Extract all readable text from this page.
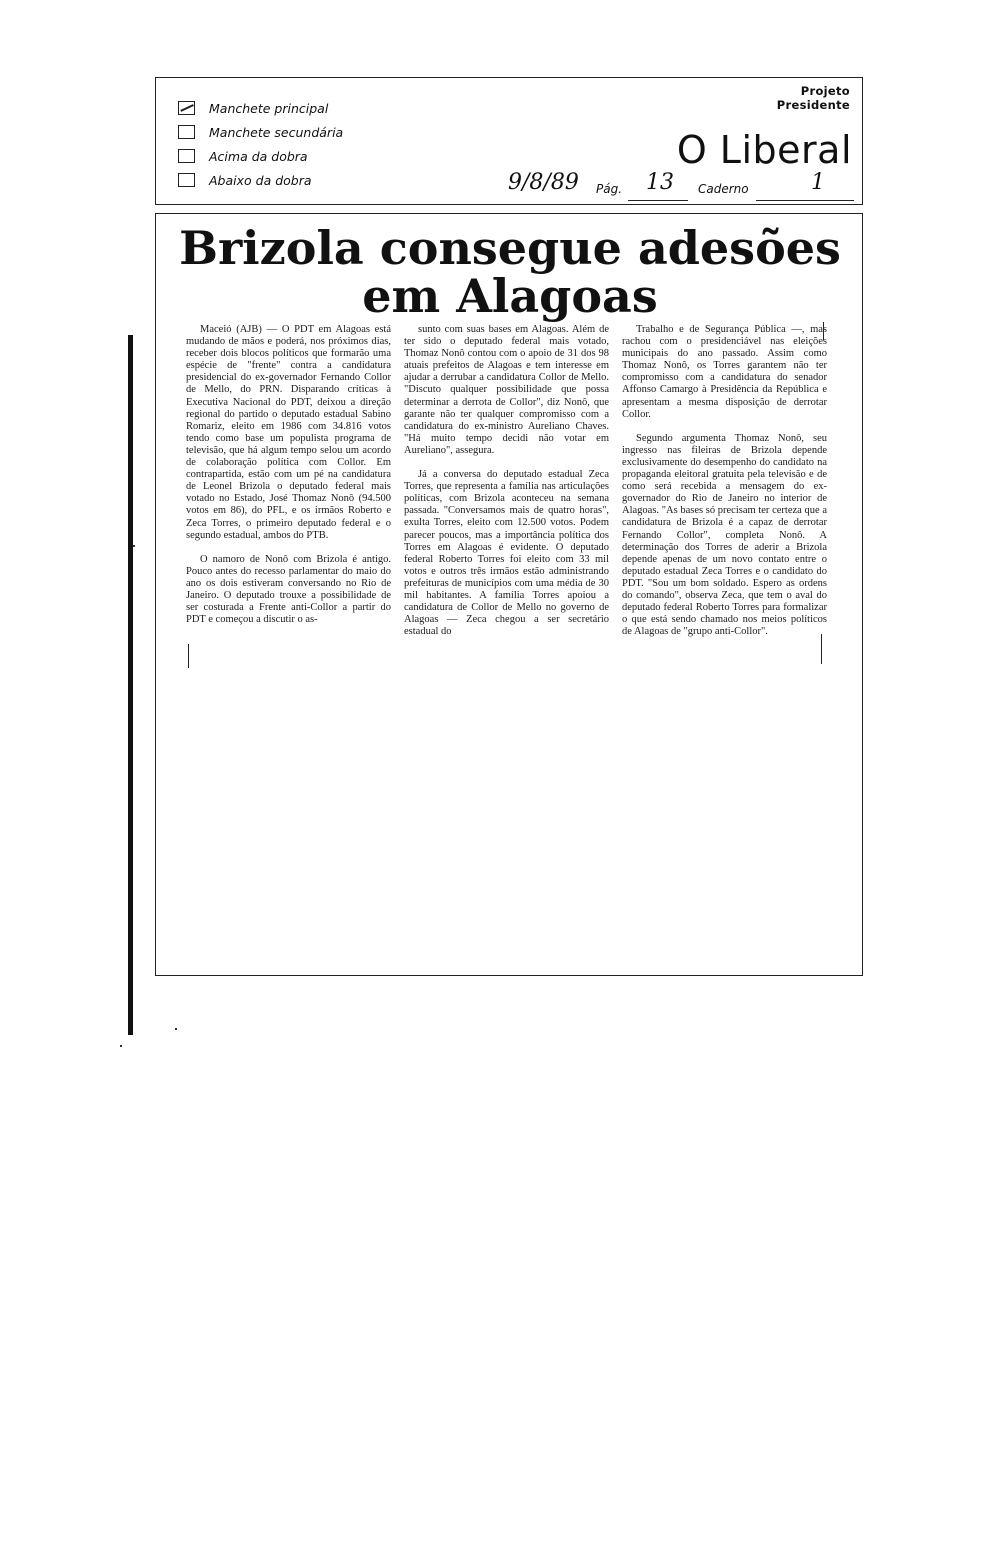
Manchete principal
Manchete secundária
Acima da dobra
Abaixo da dobra
Projeto
Presidente
O Liberal
9/8/89 Pág. 13 Caderno	1
Brizola consegue adesões
em Alagoas

Maceió (AJB) — O PDT em Alagoas está mudando de mãos e poderá, nos próximos dias, receber dois blocos políticos que formarão uma espécie de "frente" contra a candidatura presidencial do ex-governador Fernando Collor de Mello, do PRN. Disparando críticas à Executiva Nacional do PDT, deixou a direção regional do partido o deputado estadual Sabino Romariz, eleito em 1986 com 34.816 votos tendo como base um populista programa de televisão, que há algum tempo selou um acordo de colaboração política com Collor. Em contrapartida, estão com um pé na candidatura de Leonel Brizola o deputado federal mais votado no Estado, José Thomaz Nonô (94.500 votos em 86), do PFL, e os irmãos Roberto e Zeca Torres, o primeiro deputado federal e o segundo estadual, ambos do PTB.

O namoro de Nonô com Brizola é antigo. Pouco antes do recesso parlamentar do maio do ano os dois estiveram conversando no Rio de Janeiro. O deputado trouxe a possibilidade de ser costurada a Frente anti-Collor a partir do PDT e começou a discutir o as-

sunto com suas bases em Alagoas. Além de ter sido o deputado federal mais votado, Thomaz Nonô contou com o apoio de 31 dos 98 atuais prefeitos de Alagoas e tem interesse em ajudar a derrubar a candidatura Collor de Mello. "Discuto qualquer possibilidade que possa determinar a derrota de Collor", diz Nonô, que garante não ter qualquer compromisso com a candidatura do ex-ministro Aureliano Chaves. "Há muito tempo decidi não votar em Aureliano", assegura.

Já a conversa do deputado estadual Zeca Torres, que representa a família nas articulações políticas, com Brizola aconteceu na semana passada. "Conversamos mais de quatro horas", exulta Torres, eleito com 12.500 votos. Podem parecer poucos, mas a importância política dos Torres em Alagoas é evidente. O deputado federal Roberto Torres foi eleito com 33 mil votos e outros três irmãos estão administrando prefeituras de municípios com uma média de 30 mil habitantes. A família Torres apoiou a candidatura de Collor de Mello no governo de Alagoas — Zeca chegou a ser secretário estadual do

Trabalho e de Segurança Pública —, mas rachou com o presidenciável nas eleições municipais do ano passado. Assim como Thomaz Nonô, os Torres garantem não ter compromisso com a candidatura do senador Affonso Camargo à Presidência da República e apresentam a mesma disposição de derrotar Collor.

Segundo argumenta Thomaz Nonô, seu ingresso nas fileiras de Brizola depende exclusivamente do desempenho do candidato na propaganda eleitoral gratuita pela televisão e de como será recebida a mensagem do ex-governador do Rio de Janeiro no interior de Alagoas. "As bases só precisam ter certeza que a candidatura de Brizola é a capaz de derrotar Fernando Collor", completa Nonô. A determinação dos Torres de aderir a Brizola depende apenas de um novo contato entre o deputado estadual Zeca Torres e o candidato do PDT. "Sou um bom soldado. Espero as ordens do comando", observa Zeca, que tem o aval do deputado federal Roberto Torres para formalizar o que está sendo chamado nos meios políticos de Alagoas de "grupo anti-Collor".
